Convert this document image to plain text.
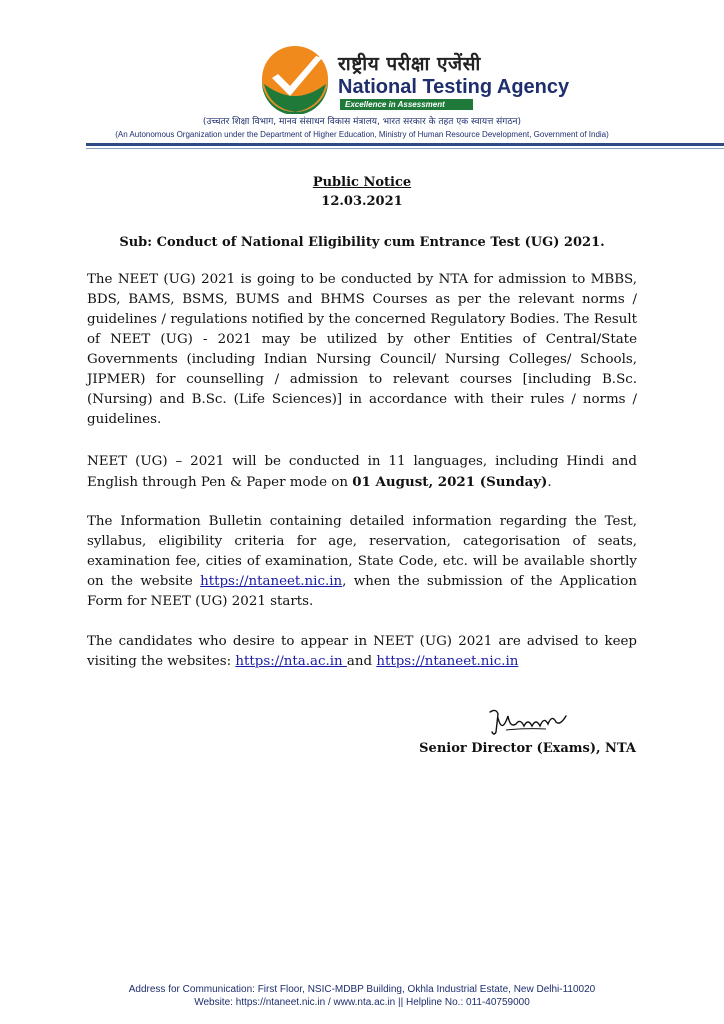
राष्ट्रीय परीक्षा एजेंसी
National Testing Agency
Excellence in Assessment
(उच्चतर शिक्षा विभाग, मानव संसाधन विकास मंत्रालय, भारत सरकार के तहत एक स्वायत्त संगठन)
(An Autonomous Organization under the Department of Higher Education, Ministry of Human Resource Development, Government of India)
Public Notice
12.03.2021
Sub: Conduct of National Eligibility cum Entrance Test (UG) 2021.

The NEET (UG) 2021 is going to be conducted by NTA for admission to MBBS, BDS, BAMS, BSMS, BUMS and BHMS Courses as per the relevant norms / guidelines / regulations notified by the concerned Regulatory Bodies. The Result of NEET (UG) - 2021 may be utilized by other Entities of Central/State Governments (including Indian Nursing Council/ Nursing Colleges/ Schools, JIPMER) for counselling / admission to relevant courses [including B.Sc. (Nursing) and B.Sc. (Life Sciences)] in accordance with their rules / norms / guidelines.

NEET (UG) – 2021 will be conducted in 11 languages, including Hindi and English through Pen & Paper mode on 01 August, 2021 (Sunday).

The Information Bulletin containing detailed information regarding the Test, syllabus, eligibility criteria for age, reservation, categorisation of seats, examination fee, cities of examination, State Code, etc. will be available shortly on the website https://ntaneet.nic.in, when the submission of the Application Form for NEET (UG) 2021 starts.

The candidates who desire to appear in NEET (UG) 2021 are advised to keep visiting the websites: https://nta.ac.in and https://ntaneet.nic.in

Senior Director (Exams), NTA
Address for Communication: First Floor, NSIC-MDBP Building, Okhla Industrial Estate, New Delhi-110020
Website: https://ntaneet.nic.in / www.nta.ac.in || Helpline No.: 011-40759000
